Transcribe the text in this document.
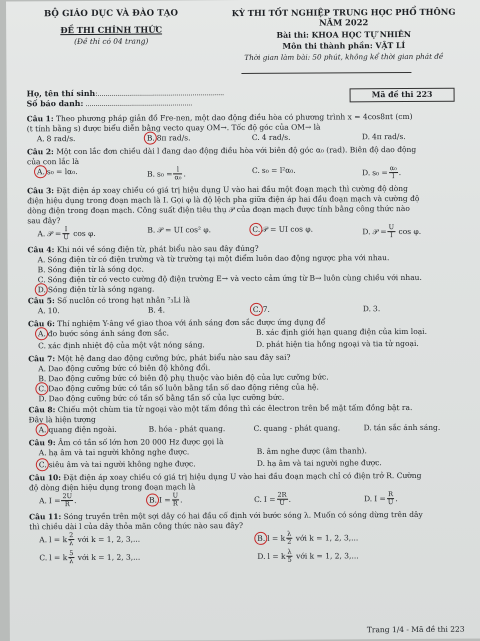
BỘ GIÁO DỤC VÀ ĐÀO TẠO
ĐỀ THI CHÍNH THỨC
(Đề thi có 04 trang)
KỲ THI TỐT NGHIỆP TRUNG HỌC PHỔ THÔNG NĂM 2022
Bài thi: KHOA HỌC TỰ NHIÊN
Môn thi thành phần: VẬT LÍ
Thời gian làm bài: 50 phút, không kể thời gian phát đề
Họ, tên thí sinh:................................................................
Số báo danh: ......................................................
Mã đề thi 223
Câu 1: Theo phương pháp giản đồ Fre-nen, một dao động điều hòa có phương trình x = 4cos8πt (cm)
(t tính bằng s) được biểu diễn bằng vecto quay OM→. Tốc độ góc của OM→ là
A. 8 rad/s.	B. 8π rad/s.	C. 4 rad/s.	D. 4π rad/s.
Câu 2: Một con lắc đơn chiều dài l đang dao động điều hòa với biên độ góc α₀ (rad). Biên độ dao động
của con lắc là
A. s₀ = lα₀.	B. $s_0 = \frac{l}{\text{α₀}}$ .	C. s₀ = l²α₀.	D. $s_0 = \frac{\text{α₀}}{l}$ .
Câu 3: Đặt điện áp xoay chiều có giá trị hiệu dụng U vào hai đầu một đoạn mạch thì cường độ dòng
điện hiệu dụng trong đoạn mạch là I. Gọi φ là độ lệch pha giữa điện áp hai đầu đoạn mạch và cường độ
dòng điện trong đoạn mạch. Công suất điện tiêu thụ 𝒫 của đoạn mạch được tính bằng công thức nào
sau đây?
A. 𝒫 = $\frac{I}{U}$ cos φ.	B. 𝒫 = UI cos² φ.	C. 𝒫 = UI cos φ.	D. 𝒫 = $\frac{U}{I}$ cos φ.
Câu 4: Khi nói về sóng điện từ, phát biểu nào sau đây đúng?
A. Sóng điện từ có điện trường và từ trường tại một điểm luôn dao động ngược pha với nhau.
B. Sóng điện từ là sóng dọc.
C. Sóng điện từ có vecto cường độ điện trường E→ và vecto cảm ứng từ B→ luôn cùng chiều với nhau.
D. Sóng điện từ là sóng ngang.
Câu 5: Số nuclôn có trong hạt nhân ⁷₃Li là
A. 10.	B. 4.	C. 7.	D. 3.
Câu 6: Thí nghiệm Y-âng về giao thoa với ánh sáng đơn sắc được ứng dụng để
A. đo bước sóng ánh sáng đơn sắc.	B. xác định giới hạn quang điện của kim loại.
C. xác định nhiệt độ của một vật nóng sáng.	D. phát hiện tia hồng ngoại và tia tử ngoại.
Câu 7: Một hệ đang dao động cưỡng bức, phát biểu nào sau đây sai?
A. Dao động cưỡng bức có biên độ không đổi.
B. Dao động cưỡng bức có biên độ phụ thuộc vào biên độ của lực cưỡng bức.
C. Dao động cưỡng bức có tần số luôn bằng tần số dao động riêng của hệ.
D. Dao động cưỡng bức có tần số bằng tần số của lực cưỡng bức.
Câu 8: Chiếu một chùm tia tử ngoại vào một tấm đồng thì các êlectron trên bề mặt tấm đồng bật ra.
Đây là hiện tượng
A. quang điện ngoài.	B. hóa - phát quang.	C. quang - phát quang.	D. tán sắc ánh sáng.
Câu 9: Âm có tần số lớn hơn 20 000 Hz được gọi là
A. hạ âm và tai người không nghe được.	B. âm nghe được (âm thanh).
C. siêu âm và tai người không nghe được.	D. hạ âm và tai người nghe được.
Câu 10: Đặt điện áp xoay chiều có giá trị hiệu dụng U vào hai đầu đoạn mạch chỉ có điện trở R. Cường
độ dòng điện hiệu dụng trong đoạn mạch là
A. $I = \frac{2U}{R}$ .	B. $I = \frac{U}{R}$ .	C. $I = \frac{2R}{U}$ .	D. $I = \frac{R}{U}$ .
Câu 11: Sóng truyền trên một sợi dây có hai đầu cố định với bước sóng λ. Muốn có sóng dừng trên dây
thì chiều dài l của dây thỏa mãn công thức nào sau đây?
A. l = k $\frac{2}{\lambda}$ với k = 1, 2, 3,...	B. l = k $\frac{\lambda}{2}$ với k = 1, 2, 3,...
C. l = k $\frac{5}{\lambda}$ với k = 1, 2, 3,...	D. l = k $\frac{\lambda}{5}$ với k = 1, 2, 3,...
Trang 1/4 - Mã đề thi 223
